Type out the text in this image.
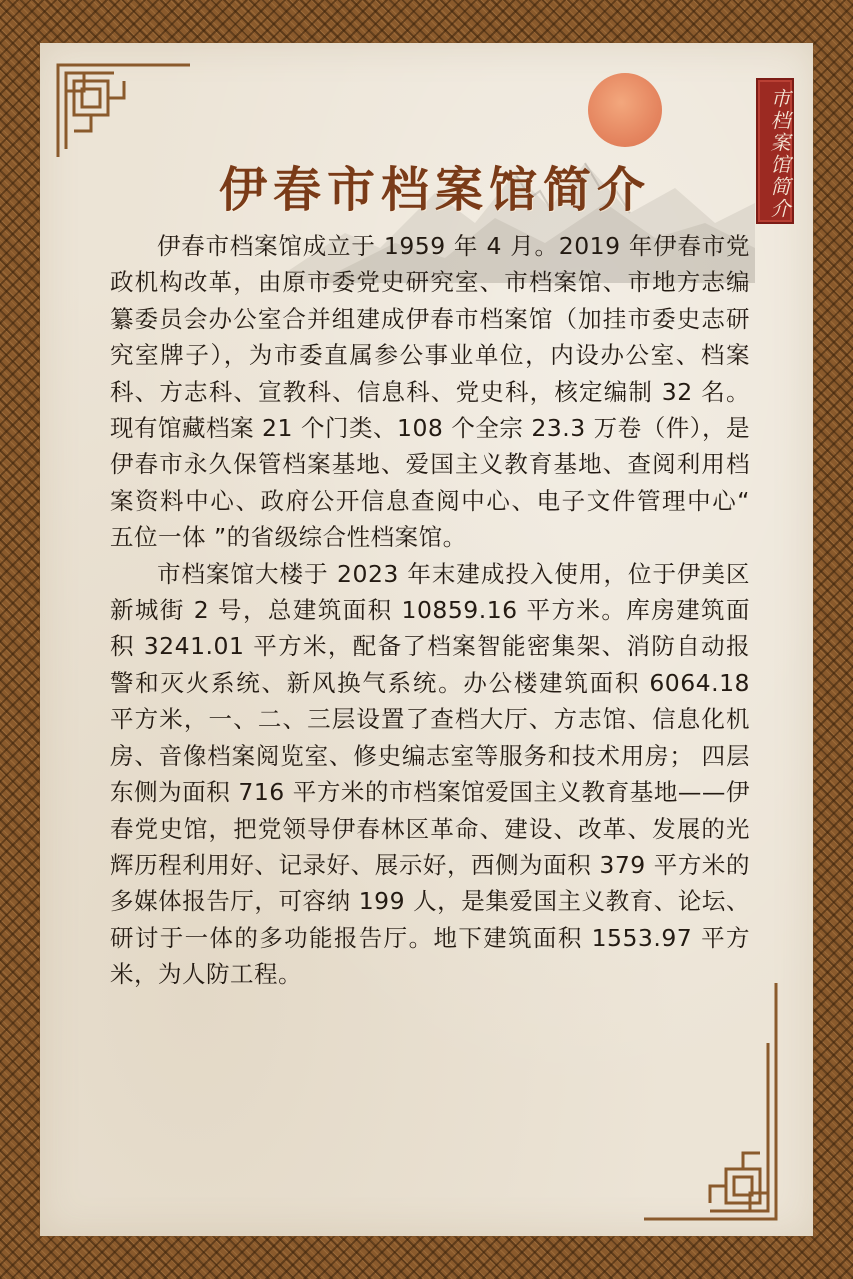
市档案馆简介
伊春市档案馆简介

伊春市档案馆成立于 1959 年 4 月。2019 年伊春市党政机构改革，由原市委党史研究室、市档案馆、市地方志编纂委员会办公室合并组建成伊春市档案馆（加挂市委史志研究室牌子），为市委直属参公事业单位，内设办公室、档案科、方志科、宣教科、信息科、党史科，核定编制 32 名。现有馆藏档案 21 个门类、108 个全宗 23.3 万卷（件），是伊春市永久保管档案基地、爱国主义教育基地、查阅利用档案资料中心、政府公开信息查阅中心、电子文件管理中心“ 五位一体 ”的省级综合性档案馆。

市档案馆大楼于 2023 年末建成投入使用，位于伊美区新城街 2 号，总建筑面积 10859.16 平方米。库房建筑面积 3241.01 平方米，配备了档案智能密集架、消防自动报警和灭火系统、新风换气系统。办公楼建筑面积 6064.18 平方米，一、二、三层设置了查档大厅、方志馆、信息化机房、音像档案阅览室、修史编志室等服务和技术用房； 四层东侧为面积 716 平方米的市档案馆爱国主义教育基地——伊春党史馆，把党领导伊春林区革命、建设、改革、发展的光辉历程利用好、记录好、展示好，西侧为面积 379 平方米的多媒体报告厅，可容纳 199 人，是集爱国主义教育、论坛、研讨于一体的多功能报告厅。地下建筑面积 1553.97 平方米，为人防工程。
